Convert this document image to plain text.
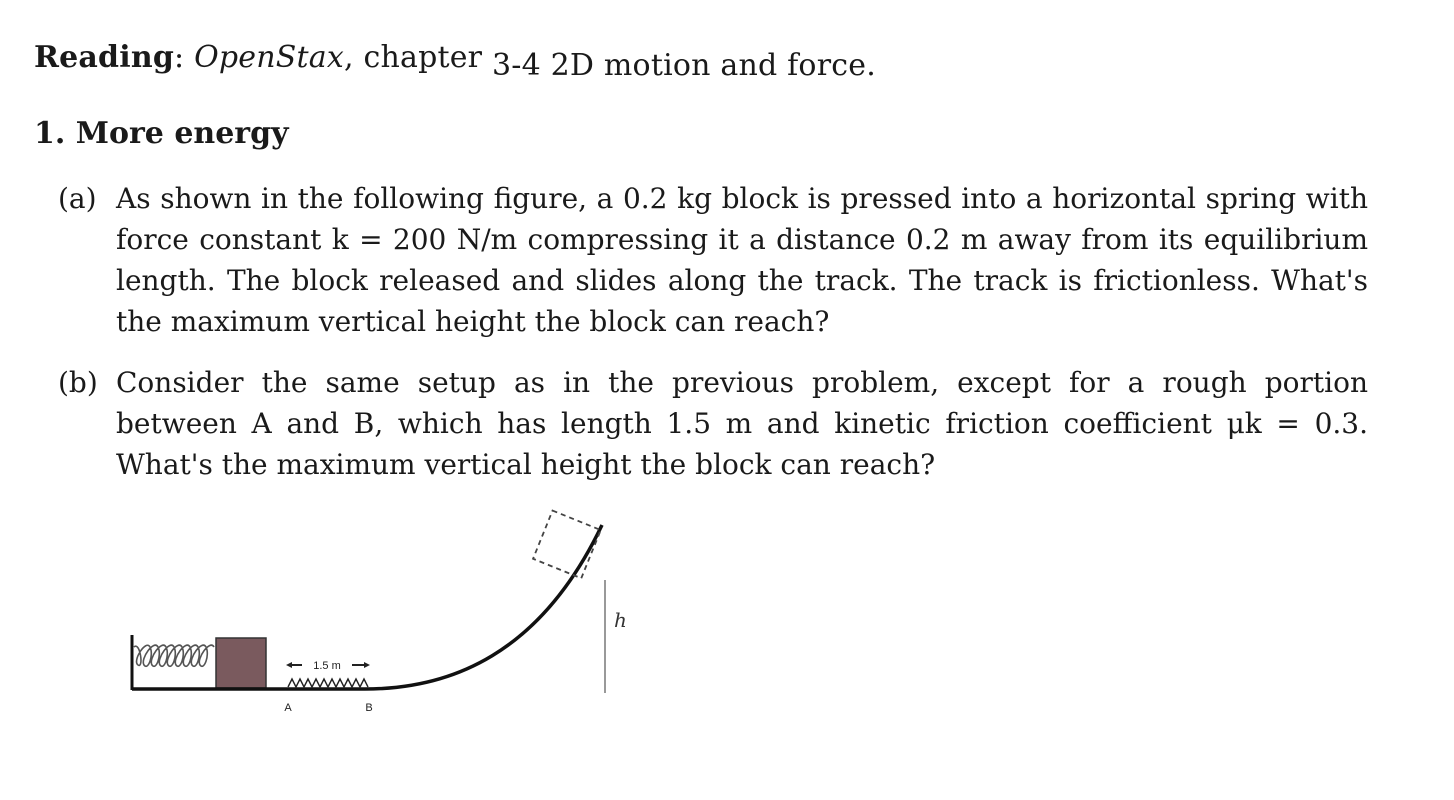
Reading: OpenStax, chapter 3-4 2D motion and force.
1. More energy
(a) As shown in the following figure, a 0.2 kg block is pressed into a horizontal spring with force constant k = 200 N/m compressing it a distance 0.2 m away from its equilibrium length. The block released and slides along the track. The track is frictionless. What's the maximum vertical height the block can reach?
(b) Consider the same setup as in the previous problem, except for a rough portion between A and B, which has length 1.5 m and kinetic friction coefficient μk = 0.3. What's the maximum vertical height the block can reach?
1.5 m
A	B
h
